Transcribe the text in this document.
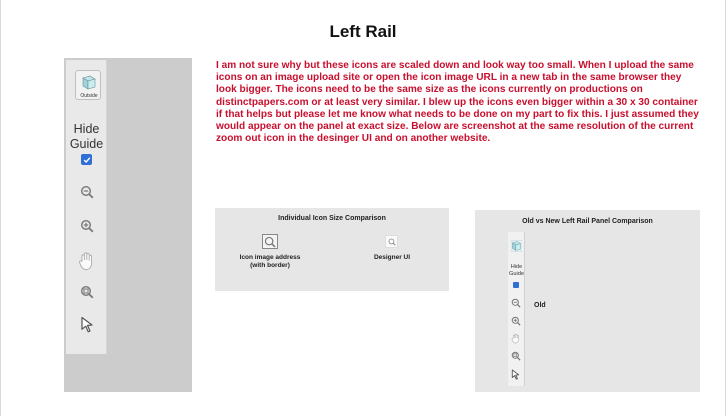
Left Rail
Outside
Hide
Guide
I am not sure why but these icons are scaled down and look way too small. When I upload the same icons on an image upload site or open the icon image URL in a new tab in the same browser they look bigger. The icons need to be the same size as the icons currently on productions on distinctpapers.com or at least very similar. I blew up the icons even bigger within a 30 x 30 container if that helps but please let me know what needs to be done on my part to fix this. I just assumed they would appear on the panel at exact size. Below are screenshot at the same resolution of the current zoom out icon in the desinger UI and on another website.
Individual Icon Size Comparison
Icon image address
(with border)
Designer UI
Old vs New Left Rail Panel Comparison
Hide
Guide
Old
